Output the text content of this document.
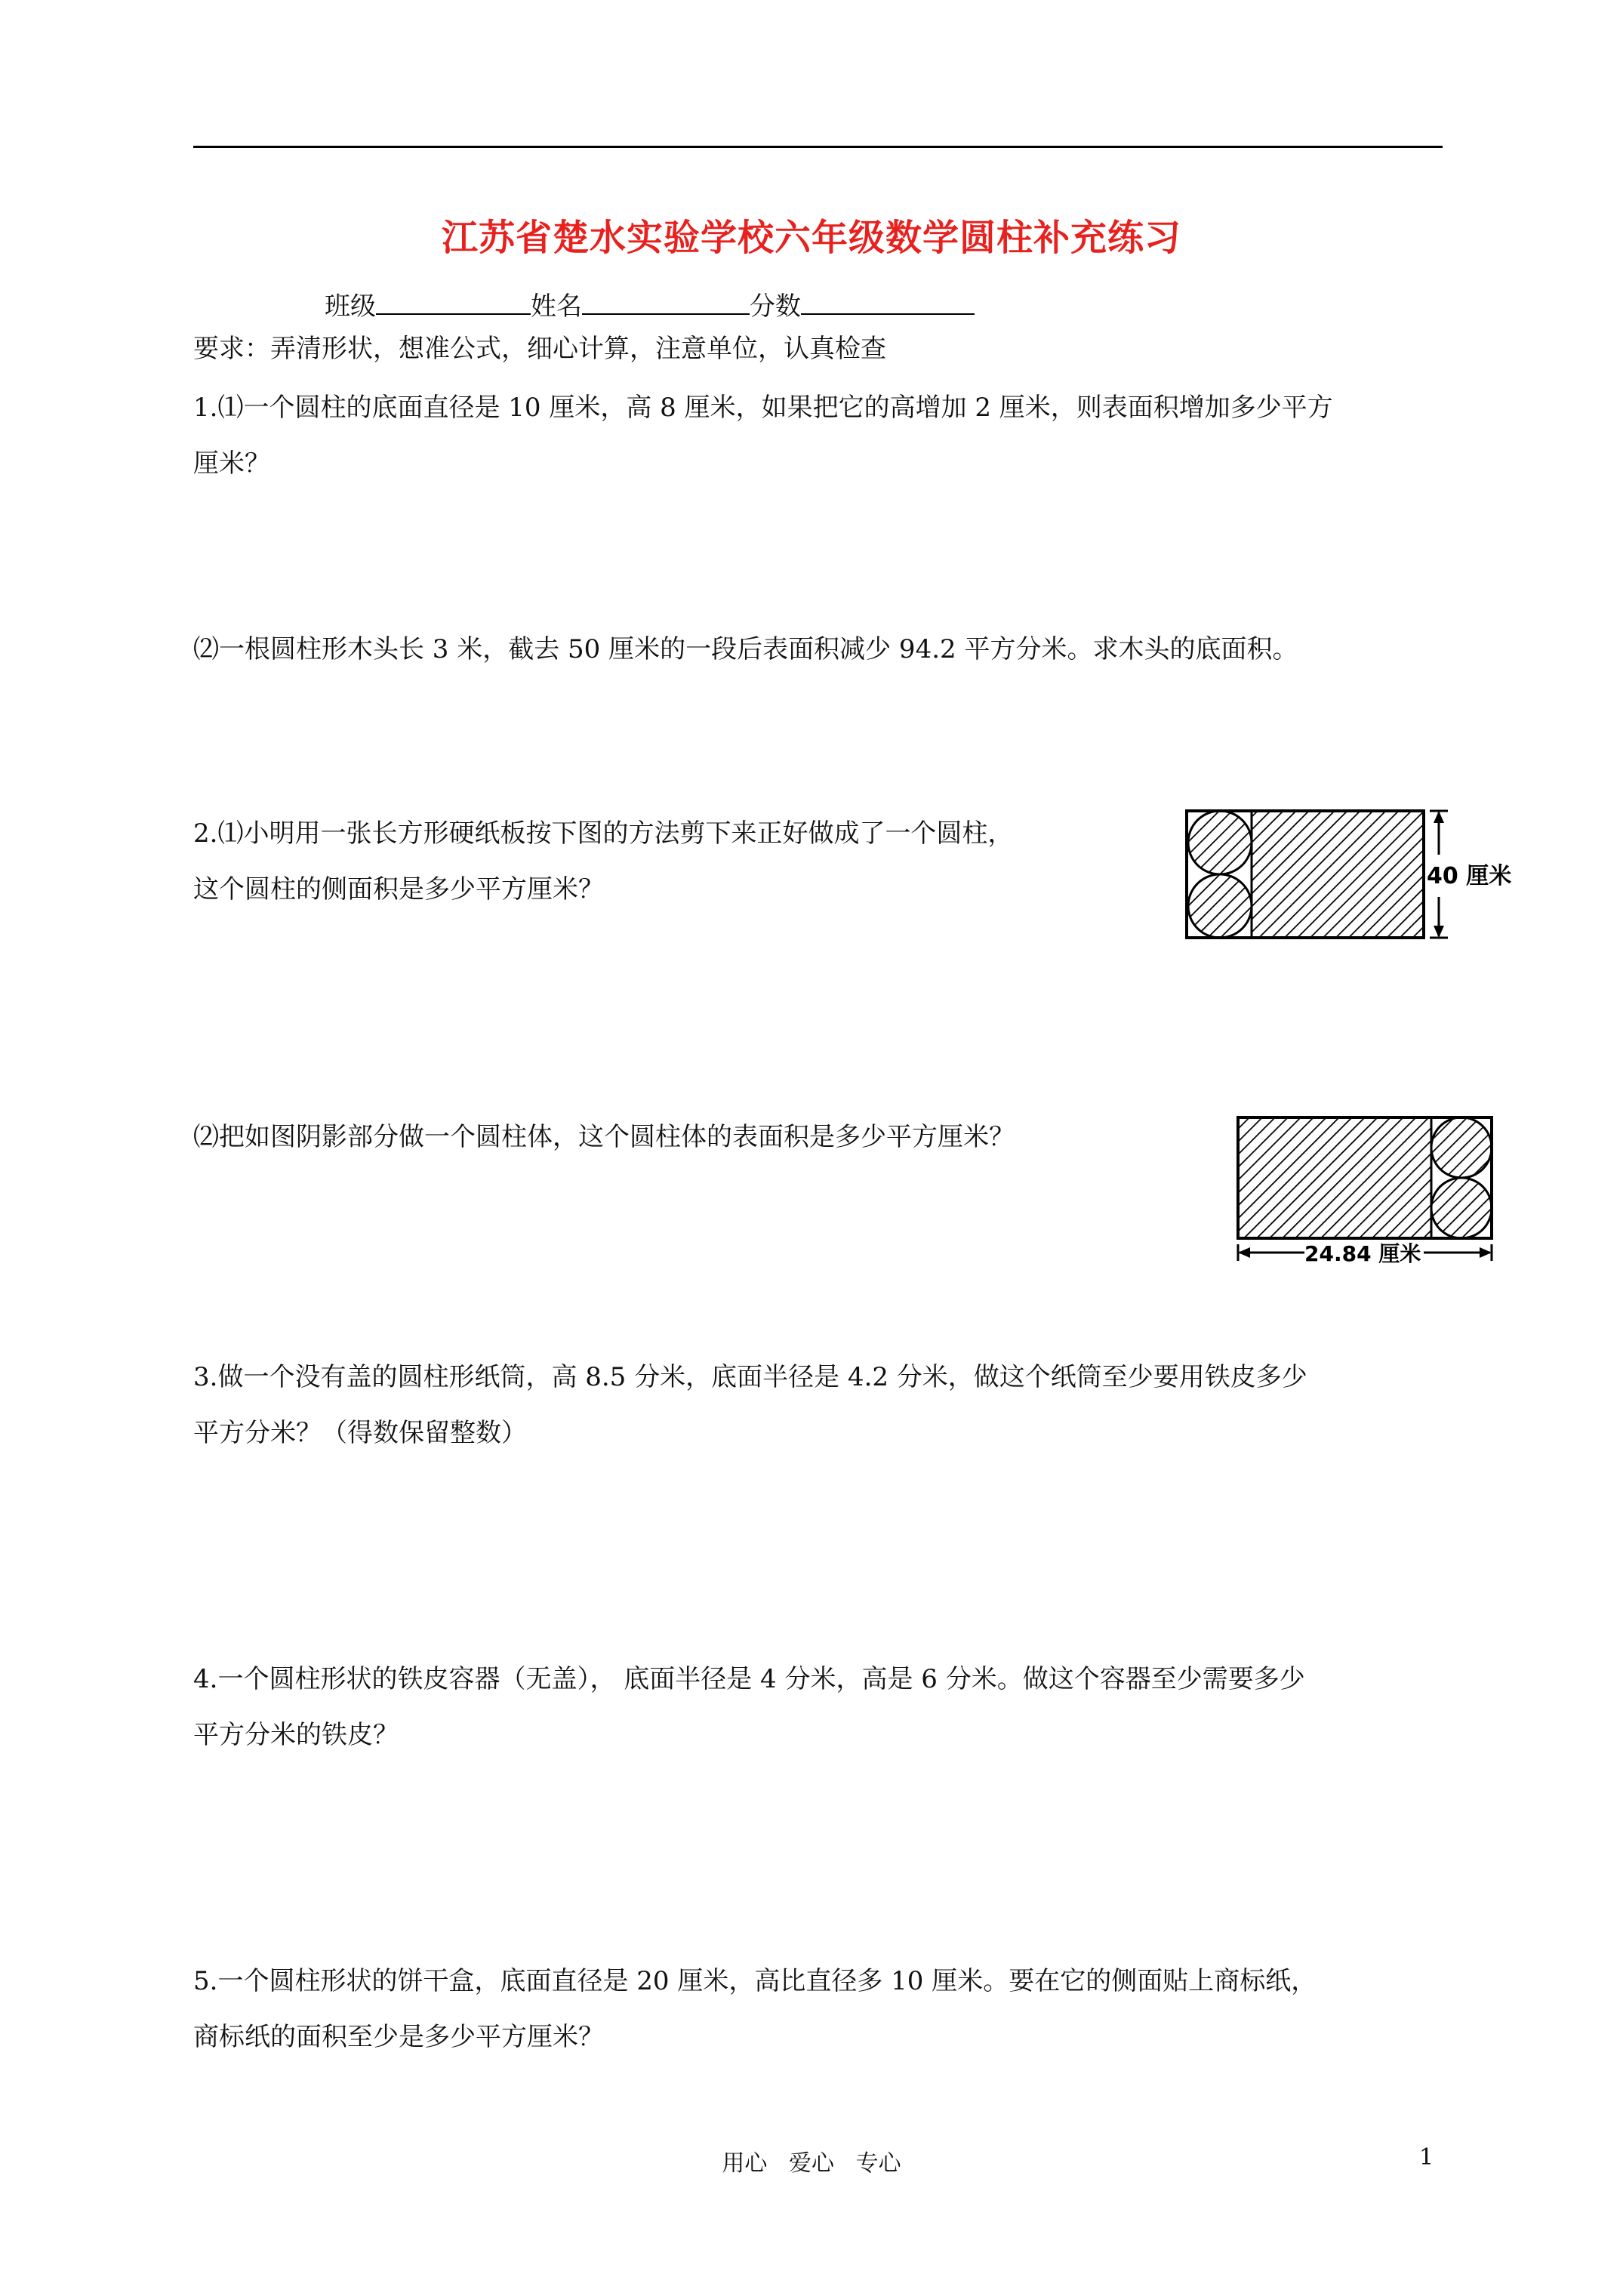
江苏省楚水实验学校六年级数学圆柱补充练习
班级	姓名	分数
要求：弄清形状，想准公式，细心计算，注意单位，认真检查
1.⑴一个圆柱的底面直径是 10 厘米，高 8 厘米，如果把它的高增加 2 厘米，则表面积增加多少平方
厘米？
⑵一根圆柱形木头长 3 米，截去 50 厘米的一段后表面积减少 94.2 平方分米。求木头的底面积。
2.⑴小明用一张长方形硬纸板按下图的方法剪下来正好做成了一个圆柱，
这个圆柱的侧面积是多少平方厘米？	40 厘米
⑵把如图阴影部分做一个圆柱体，这个圆柱体的表面积是多少平方厘米？
24.84 厘米
3.做一个没有盖的圆柱形纸筒，高 8.5 分米，底面半径是 4.2 分米，做这个纸筒至少要用铁皮多少
平方分米？（得数保留整数）
4.一个圆柱形状的铁皮容器（无盖）， 底面半径是 4 分米，高是 6 分米。做这个容器至少需要多少
平方分米的铁皮？
5.一个圆柱形状的饼干盒，底面直径是 20 厘米，高比直径多 10 厘米。要在它的侧面贴上商标纸，
商标纸的面积至少是多少平方厘米？
用心   爱心   专心	1
